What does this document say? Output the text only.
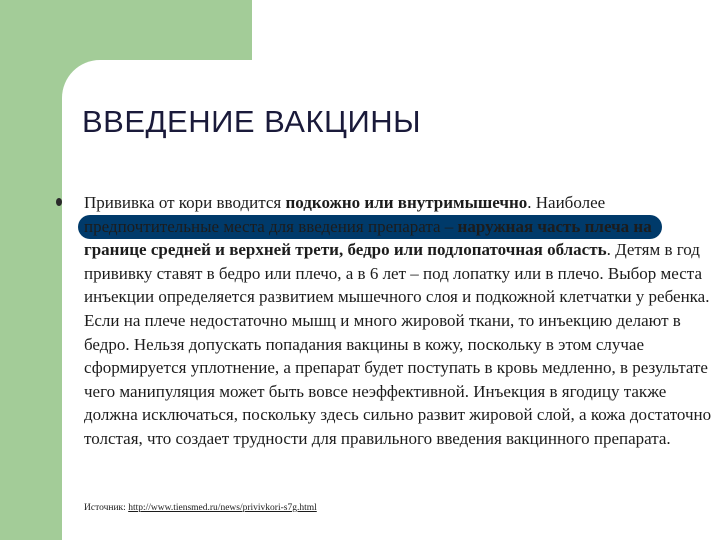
ВВЕДЕНИЕ ВАКЦИНЫ
Прививка от кори вводится подкожно или внутримышечно. Наиболее предпочтительные места для введения препарата – наружная часть плеча на границе средней и верхней трети, бедро или подлопаточная область. Детям в год прививку ставят в бедро или плечо, а в 6 лет – под лопатку или в плечо. Выбор места инъекции определяется развитием мышечного слоя и подкожной клетчатки у ребенка. Если на плече недостаточно мышц и много жировой ткани, то инъекцию делают в бедро. Нельзя допускать попадания вакцины в кожу, поскольку в этом случае сформируется уплотнение, а препарат будет поступать в кровь медленно, в результате чего манипуляция может быть вовсе неэффективной. Инъекция в ягодицу также должна исключаться, поскольку здесь сильно развит жировой слой, а кожа достаточно толстая, что создает трудности для правильного введения вакцинного препарата.
Источник: http://www.tiensmed.ru/news/privivkori-s7g.html
